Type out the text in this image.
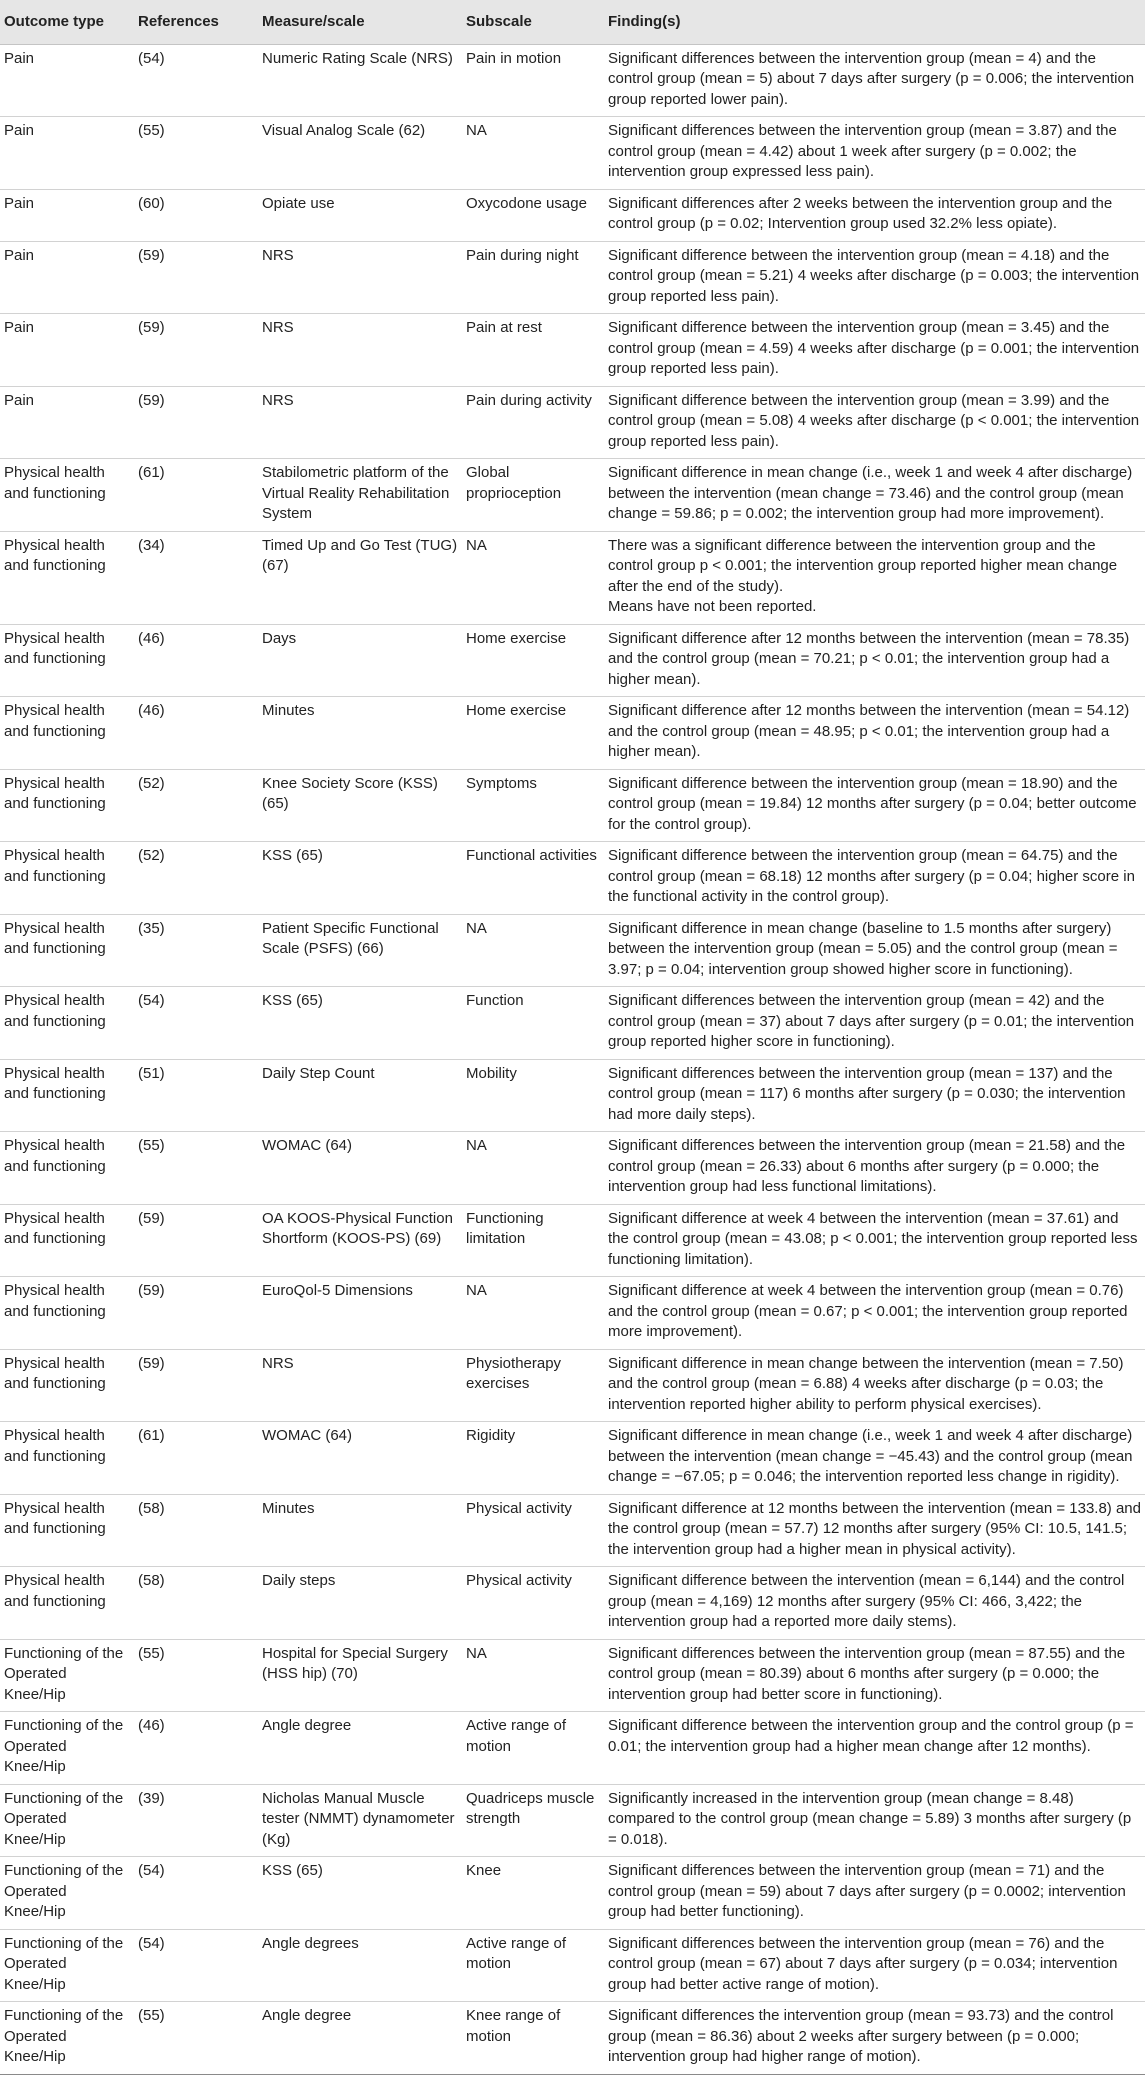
Outcome type	References	Measure/scale	Subscale	Finding(s)
Pain	(54)	Numeric Rating Scale (NRS)	Pain in motion	Significant differences between the intervention group (mean = 4) and the control group (mean = 5) about 7 days after surgery (p = 0.006; the intervention group reported lower pain).
Pain	(55)	Visual Analog Scale (62)	NA	Significant differences between the intervention group (mean = 3.87) and the control group (mean = 4.42) about 1 week after surgery (p = 0.002; the intervention group expressed less pain).
Pain	(60)	Opiate use	Oxycodone usage	Significant differences after 2 weeks between the intervention group and the control group (p = 0.02; Intervention group used 32.2% less opiate).
Pain	(59)	NRS	Pain during night	Significant difference between the intervention group (mean = 4.18) and the control group (mean = 5.21) 4 weeks after discharge (p = 0.003; the intervention group reported less pain).
Pain	(59)	NRS	Pain at rest	Significant difference between the intervention group (mean = 3.45) and the control group (mean = 4.59) 4 weeks after discharge (p = 0.001; the intervention group reported less pain).
Pain	(59)	NRS	Pain during activity	Significant difference between the intervention group (mean = 3.99) and the control group (mean = 5.08) 4 weeks after discharge (p < 0.001; the intervention group reported less pain).
Physical health and functioning	(61)	Stabilometric platform of the Virtual Reality Rehabilitation System	Global proprioception	Significant difference in mean change (i.e., week 1 and week 4 after discharge) between the intervention (mean change = 73.46) and the control group (mean change = 59.86; p = 0.002; the intervention group had more improvement).
Physical health and functioning	(34)	Timed Up and Go Test (TUG) (67)	NA	There was a significant difference between the intervention group and the control group p < 0.001; the intervention group reported higher mean change after the end of the study).
Means have not been reported.

Physical health and functioning	(46)	Days	Home exercise	Significant difference after 12 months between the intervention (mean = 78.35) and the control group (mean = 70.21; p < 0.01; the intervention group had a higher mean).
Physical health and functioning	(46)	Minutes	Home exercise	Significant difference after 12 months between the intervention (mean = 54.12) and the control group (mean = 48.95; p < 0.01; the intervention group had a higher mean).
Physical health and functioning	(52)	Knee Society Score (KSS) (65)	Symptoms	Significant difference between the intervention group (mean = 18.90) and the control group (mean = 19.84) 12 months after surgery (p = 0.04; better outcome for the control group).
Physical health and functioning	(52)	KSS (65)	Functional activities	Significant difference between the intervention group (mean = 64.75) and the control group (mean = 68.18) 12 months after surgery (p = 0.04; higher score in the functional activity in the control group).
Physical health and functioning	(35)	Patient Specific Functional Scale (PSFS) (66)	NA	Significant difference in mean change (baseline to 1.5 months after surgery) between the intervention group (mean = 5.05) and the control group (mean = 3.97; p = 0.04; intervention group showed higher score in functioning).
Physical health and functioning	(54)	KSS (65)	Function	Significant differences between the intervention group (mean = 42) and the control group (mean = 37) about 7 days after surgery (p = 0.01; the intervention group reported higher score in functioning).
Physical health and functioning	(51)	Daily Step Count	Mobility	Significant differences between the intervention group (mean = 137) and the control group (mean = 117) 6 months after surgery (p = 0.030; the intervention had more daily steps).
Physical health and functioning	(55)	WOMAC (64)	NA	Significant differences between the intervention group (mean = 21.58) and the control group (mean = 26.33) about 6 months after surgery (p = 0.000; the intervention group had less functional limitations).
Physical health and functioning	(59)	OA KOOS-Physical Function Shortform (KOOS-PS) (69)	Functioning limitation	Significant difference at week 4 between the intervention (mean = 37.61) and the control group (mean = 43.08; p < 0.001; the intervention group reported less functioning limitation).
Physical health and functioning	(59)	EuroQol-5 Dimensions	NA	Significant difference at week 4 between the intervention group (mean = 0.76) and the control group (mean = 0.67; p < 0.001; the intervention group reported more improvement).
Physical health and functioning	(59)	NRS	Physiotherapy exercises	Significant difference in mean change between the intervention (mean = 7.50) and the control group (mean = 6.88) 4 weeks after discharge (p = 0.03; the intervention reported higher ability to perform physical exercises).
Physical health and functioning	(61)	WOMAC (64)	Rigidity	Significant difference in mean change (i.e., week 1 and week 4 after discharge) between the intervention (mean change = −45.43) and the control group (mean change = −67.05; p = 0.046; the intervention reported less change in rigidity).
Physical health and functioning	(58)	Minutes	Physical activity	Significant difference at 12 months between the intervention (mean = 133.8) and the control group (mean = 57.7) 12 months after surgery (95% CI: 10.5, 141.5; the intervention group had a higher mean in physical activity).
Physical health and functioning	(58)	Daily steps	Physical activity	Significant difference between the intervention (mean = 6,144) and the control group (mean = 4,169) 12 months after surgery (95% CI: 466, 3,422; the intervention group had a reported more daily stems).
Functioning of the Operated Knee/Hip	(55)	Hospital for Special Surgery (HSS hip) (70)	NA	Significant differences between the intervention group (mean = 87.55) and the control group (mean = 80.39) about 6 months after surgery (p = 0.000; the intervention group had better score in functioning).
Functioning of the Operated Knee/Hip	(46)	Angle degree	Active range of motion	Significant difference between the intervention group and the control group (p = 0.01; the intervention group had a higher mean change after 12 months).
Functioning of the Operated Knee/Hip	(39)	Nicholas Manual Muscle tester (NMMT) dynamometer (Kg)	Quadriceps muscle strength	Significantly increased in the intervention group (mean change = 8.48) compared to the control group (mean change = 5.89) 3 months after surgery (p = 0.018).
Functioning of the Operated Knee/Hip	(54)	KSS (65)	Knee	Significant differences between the intervention group (mean = 71) and the control group (mean = 59) about 7 days after surgery (p = 0.0002; intervention group had better functioning).
Functioning of the Operated Knee/Hip	(54)	Angle degrees	Active range of motion	Significant differences between the intervention group (mean = 76) and the control group (mean = 67) about 7 days after surgery (p = 0.034; intervention group had better active range of motion).
Functioning of the Operated Knee/Hip	(55)	Angle degree	Knee range of motion	Significant differences the intervention group (mean = 93.73) and the control group (mean = 86.36) about 2 weeks after surgery between (p = 0.000; intervention group had higher range of motion).
